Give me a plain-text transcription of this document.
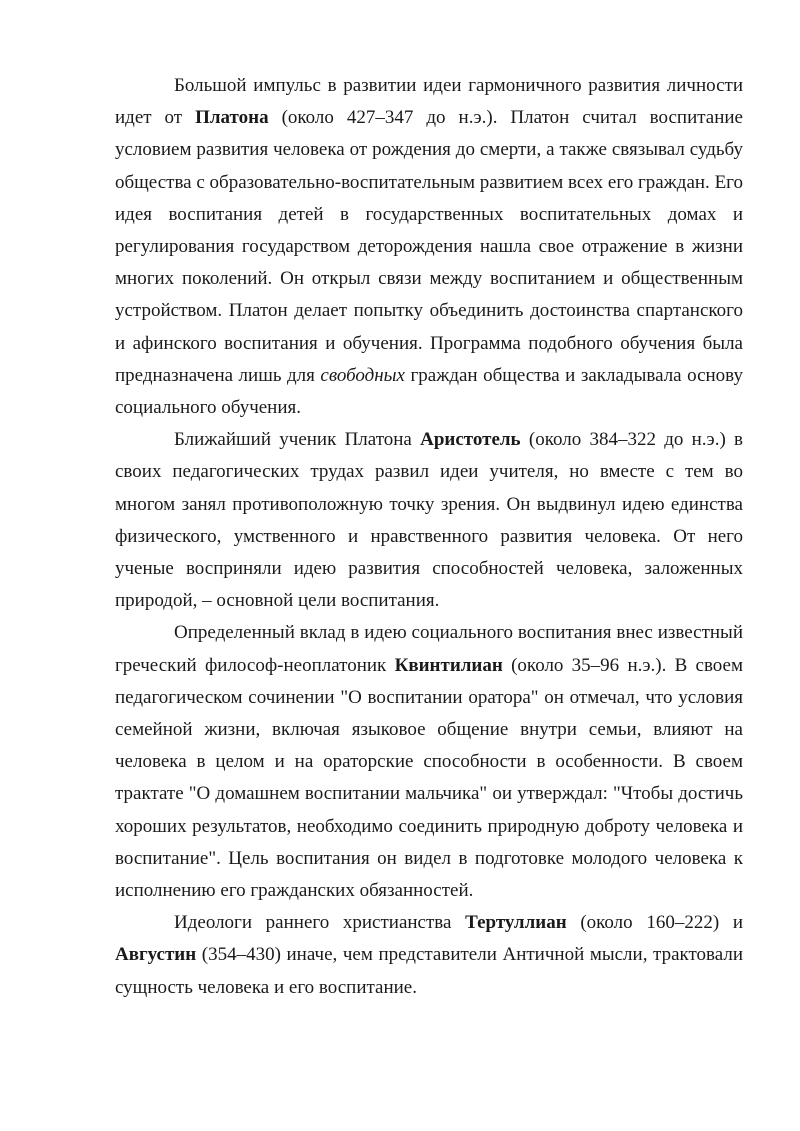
Большой импульс в развитии идеи гармоничного развития личности идет от Платона (около 427–347 до н.э.). Платон считал воспитание условием развития человека от рождения до смерти, а также связывал судьбу общества с образовательно-воспитательным развитием всех его граждан. Его идея воспитания детей в государственных воспитательных домах и регулирования государством деторождения нашла свое отражение в жизни многих поколений. Он открыл связи между воспитанием и общественным устройством. Платон делает попытку объединить достоинства спартанского и афинского воспитания и обучения. Программа подобного обучения была предназначена лишь для свободных граждан общества и закладывала основу социального обучения.

Ближайший ученик Платона Аристотель (около 384–322 до н.э.) в своих педагогических трудах развил идеи учителя, но вместе с тем во многом занял противоположную точку зрения. Он выдвинул идею единства физического, умственного и нравственного развития человека. От него ученые восприняли идею развития способностей человека, заложенных природой, – основной цели воспитания.

Определенный вклад в идею социального воспитания внес известный греческий философ-неоплатоник Квинтилиан (около 35–96 н.э.). В своем педагогическом сочинении "О воспитании оратора" он отмечал, что условия семейной жизни, включая языковое общение внутри семьи, влияют на человека в целом и на ораторские способности в особенности. В своем трактате "О домашнем воспитании мальчика" ои утверждал: "Чтобы достичь хороших результатов, необходимо соединить природную доброту человека и воспитание". Цель воспитания он видел в подготовке молодого человека к исполнению его гражданских обязанностей.

Идеологи раннего христианства Тертуллиан (около 160–222) и Августин (354–430) иначе, чем представители Античной мысли, трактовали сущность человека и его воспитание.
